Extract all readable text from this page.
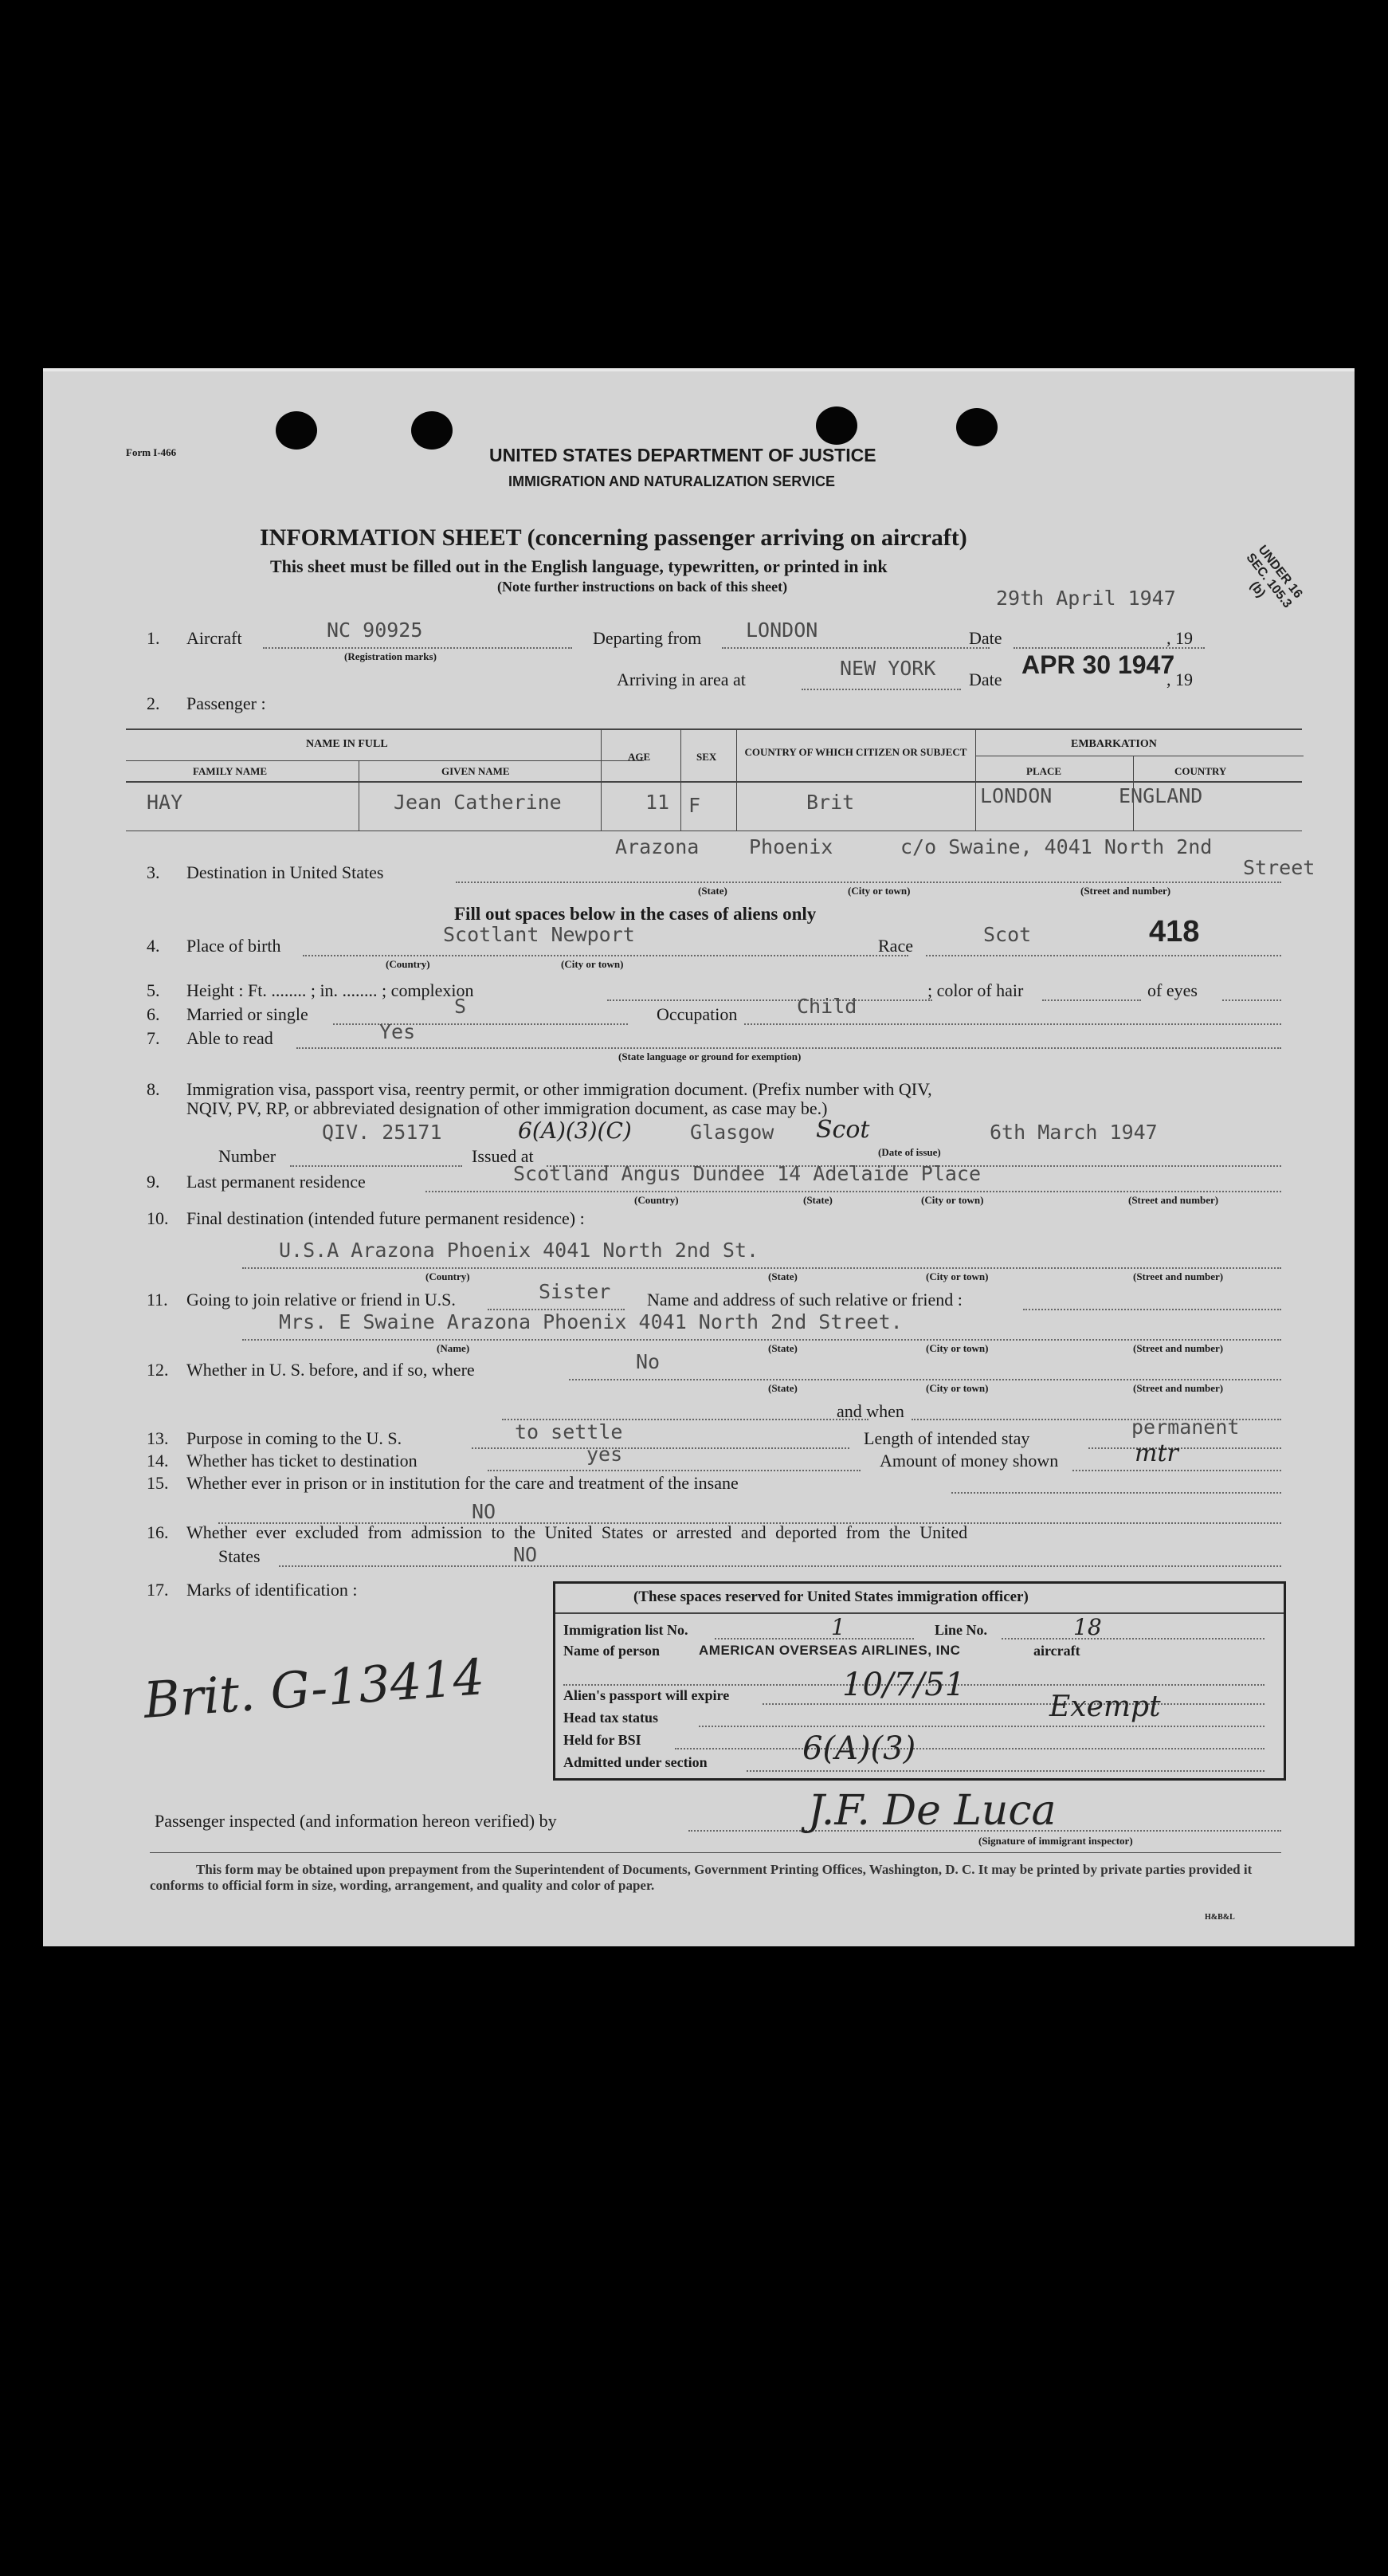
Form I-466	UNITED STATES DEPARTMENT OF JUSTICE
IMMIGRATION AND NATURALIZATION SERVICE
INFORMATION SHEET (concerning passenger arriving on aircraft)
This sheet must be filled out in the English language, typewritten, or printed in ink
(Note further instructions on back of this sheet)	UNDER 16 SEC. 105.3 (b)
1. Aircraft	NC 90925
(Registration marks)
Departing from LONDON	Date
29th April 1947
, 19
Arriving in area at	NEW YORK Date
APR 30 1947
, 19
2. Passenger :
NAME IN FULL
FAMILY NAME	GIVEN NAME
AGE	SEX	COUNTRY OF WHICH CITIZEN OR SUBJECT
EMBARKATION
PLACE	COUNTRY
HAY	Jean Catherine	11 F	Brit	LONDON	ENGLAND
3. Destination in United States
Arazona	Phoenix	c/o Swaine, 4041 North 2nd
Street
(State)	(City or town)	(Street and number)
Fill out spaces below in the cases of aliens only
4. Place of birth	Scotlant Newport
(Country)	(City or town)
Race	Scot	418
5. Height : Ft. ........ ; in. ........ ; complexion	; color of hair	of eyes
6. Married or single	S	Occupation	Child
7. Able to read	Yes
(State language or ground for exemption)
8. Immigration visa, passport visa, reentry permit, or other immigration document. (Prefix number with QIV,
NQIV, PV, RP, or abbreviated designation of other immigration document, as case may be.)
QIV. 25171	6(A)(3)(C)	Glasgow Scot	6th March 1947
Number	Issued at	(Date of issue)
9. Last permanent residence	Scotland Angus Dundee 14 Adelaide Place
(Country)	(State)	(City or town)	(Street and number)
10. Final destination (intended future permanent residence) :
U.S.A Arazona Phoenix 4041 North 2nd St.
(Country)	(State)	(City or town)	(Street and number)
11. Going to join relative or friend in U.S.	Sister Name and address of such relative or friend :
Mrs. E Swaine Arazona Phoenix 4041 North 2nd Street.
(Name)	(State)	(City or town)	(Street and number)
12. Whether in U. S. before, and if so, where	No
(State)	(City or town)	(Street and number)
and when
13. Purpose in coming to the U. S.	to settle	Length of intended stay	permanent
14. Whether has ticket to destination	yes	Amount of money shown	mtr
15. Whether ever in prison or in institution for the care and treatment of the insane
NO
16. Whether ever excluded from admission to the United States or arrested and deported from the United
States	NO
17. Marks of identification :
Brit. G-13414
(These spaces reserved for United States immigration officer)
Immigration list No.	1	Line No.	18
Name of person	AMERICAN OVERSEAS AIRLINES, INC	aircraft
Alien's passport will expire	10/7/51
Head tax status	Exempt
Held for BSI
Admitted under section	6(A)(3)
Passenger inspected (and information hereon verified) by	J.F. De Luca
(Signature of immigrant inspector)
This form may be obtained upon prepayment from the Superintendent of Documents, Government Printing Offices, Washington, D. C. It may be printed by private parties provided it conforms to official form in size, wording, arrangement, and quality and color of paper.
H&B&L
